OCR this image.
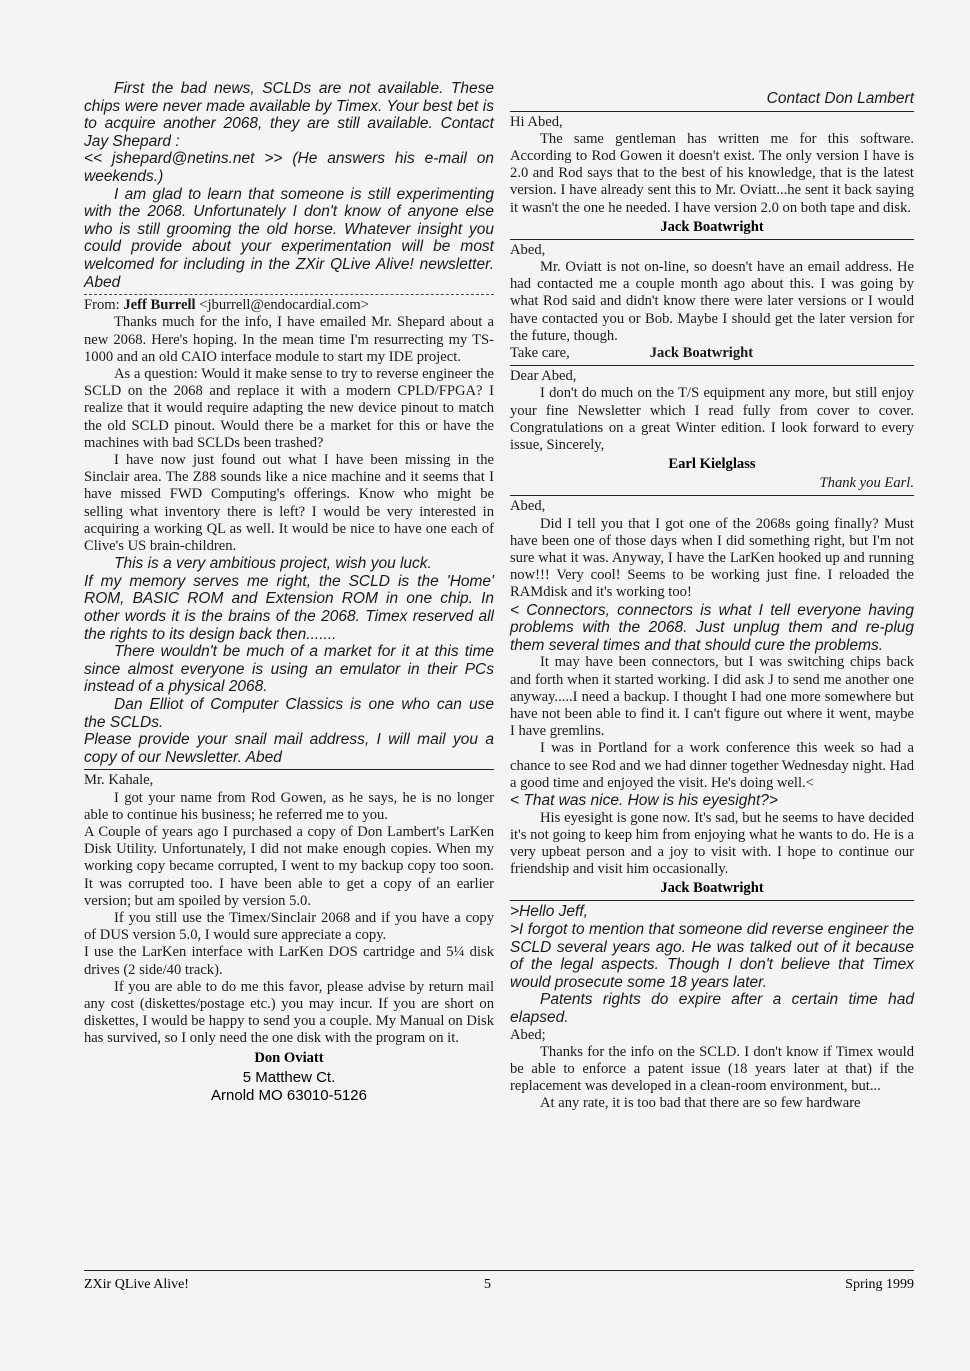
First the bad news, SCLDs are not available. These chips were never made available by Timex. Your best bet is to acquire another 2068, they are still available. Contact Jay Shepard :

<< jshepard@netins.net >> (He answers his e-mail on weekends.)

I am glad to learn that someone is still experimenting with the 2068. Unfortunately I don't know of anyone else who is still grooming the old horse. Whatever insight you could provide about your experimentation will be most welcomed for including in the ZXir QLive Alive! newsletter. Abed

From: Jeff Burrell <jburrell@endocardial.com>

Thanks much for the info, I have emailed Mr. Shepard about a new 2068. Here's hoping. In the mean time I'm resurrecting my TS-1000 and an old CAIO interface module to start my IDE project.

As a question: Would it make sense to try to reverse engineer the SCLD on the 2068 and replace it with a modern CPLD/FPGA? I realize that it would require adapting the new device pinout to match the old SCLD pinout. Would there be a market for this or have the machines with bad SCLDs been trashed?

I have now just found out what I have been missing in the Sinclair area. The Z88 sounds like a nice machine and it seems that I have missed FWD Computing's offerings. Know who might be selling what inventory there is left? I would be very interested in acquiring a working QL as well. It would be nice to have one each of Clive's US brain-children.

This is a very ambitious project, wish you luck.

If my memory serves me right, the SCLD is the 'Home' ROM, BASIC ROM and Extension ROM in one chip. In other words it is the brains of the 2068. Timex reserved all the rights to its design back then.......

There wouldn't be much of a market for it at this time since almost everyone is using an emulator in their PCs instead of a physical 2068.

Dan Elliot of Computer Classics is one who can use the SCLDs.

Please provide your snail mail address, I will mail you a copy of our Newsletter. Abed

Mr. Kahale,

I got your name from Rod Gowen, as he says, he is no longer able to continue his business; he referred me to you.

A Couple of years ago I purchased a copy of Don Lambert's LarKen Disk Utility. Unfortunately, I did not make enough copies. When my working copy became corrupted, I went to my backup copy too soon. It was corrupted too. I have been able to get a copy of an earlier version; but am spoiled by version 5.0.

If you still use the Timex/Sinclair 2068 and if you have a copy of DUS version 5.0, I would sure appreciate a copy.

I use the LarKen interface with LarKen DOS cartridge and 5¼ disk drives (2 side/40 track).

If you are able to do me this favor, please advise by return mail any cost (diskettes/postage etc.) you may incur. If you are short on diskettes, I would be happy to send you a couple. My Manual on Disk has survived, so I only need the one disk with the program on it.

Don Oviatt
5 Matthew Ct.
Arnold MO 63010-5126

Contact Don Lambert

Hi Abed,

The same gentleman has written me for this software. According to Rod Gowen it doesn't exist. The only version I have is 2.0 and Rod says that to the best of his knowledge, that is the latest version. I have already sent this to Mr. Oviatt...he sent it back saying it wasn't the one he needed. I have version 2.0 on both tape and disk.

Jack Boatwright

Abed,

Mr. Oviatt is not on-line, so doesn't have an email address. He had contacted me a couple month ago about this. I was going by what Rod said and didn't know there were later versions or I would have contacted you or Bob. Maybe I should get the later version for the future, though.

Take care,	Jack Boatwright

Dear Abed,

I don't do much on the T/S equipment any more, but still enjoy your fine Newsletter which I read fully from cover to cover. Congratulations on a great Winter edition. I look forward to every issue, Sincerely,

Earl Kielglass

Thank you Earl.

Abed,

Did I tell you that I got one of the 2068s going finally? Must have been one of those days when I did something right, but I'm not sure what it was. Anyway, I have the LarKen hooked up and running now!!! Very cool! Seems to be working just fine. I reloaded the RAMdisk and it's working too!

< Connectors, connectors is what I tell everyone having problems with the 2068. Just unplug them and re-plug them several times and that should cure the problems.

It may have been connectors, but I was switching chips back and forth when it started working. I did ask J to send me another one anyway.....I need a backup. I thought I had one more somewhere but have not been able to find it. I can't figure out where it went, maybe I have gremlins.

I was in Portland for a work conference this week so had a chance to see Rod and we had dinner together Wednesday night. Had a good time and enjoyed the visit. He's doing well.<

< That was nice. How is his eyesight?>

His eyesight is gone now. It's sad, but he seems to have decided it's not going to keep him from enjoying what he wants to do. He is a very upbeat person and a joy to visit with. I hope to continue our friendship and visit him occasionally.

Jack Boatwright

>Hello Jeff,

>I forgot to mention that someone did reverse engineer the SCLD several years ago. He was talked out of it because of the legal aspects. Though I don't believe that Timex would prosecute some 18 years later.

Patents rights do expire after a certain time had elapsed.

Abed;

Thanks for the info on the SCLD. I don't know if Timex would be able to enforce a patent issue (18 years later at that) if the replacement was developed in a clean-room environment, but...

At any rate, it is too bad that there are so few hardware

ZXir QLive Alive!	5	Spring 1999
